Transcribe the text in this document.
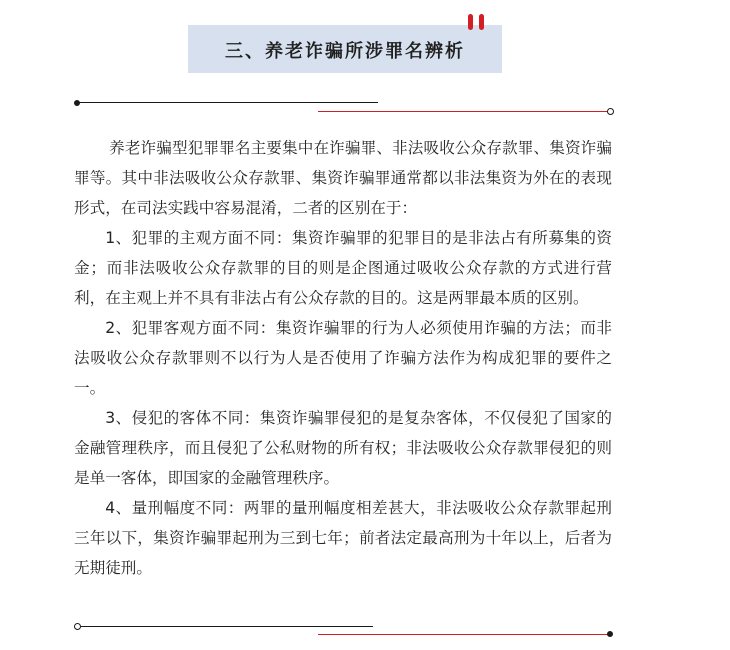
三、养老诈骗所涉罪名辨析

养老诈骗型犯罪罪名主要集中在诈骗罪、非法吸收公众存款罪、集资诈骗罪等。其中非法吸收公众存款罪、集资诈骗罪通常都以非法集资为外在的表现形式，在司法实践中容易混淆，二者的区别在于：

1、犯罪的主观方面不同：集资诈骗罪的犯罪目的是非法占有所募集的资金；而非法吸收公众存款罪的目的则是企图通过吸收公众存款的方式进行营利，在主观上并不具有非法占有公众存款的目的。这是两罪最本质的区别。

2、犯罪客观方面不同：集资诈骗罪的行为人必须使用诈骗的方法；而非法吸收公众存款罪则不以行为人是否使用了诈骗方法作为构成犯罪的要件之一。

3、侵犯的客体不同：集资诈骗罪侵犯的是复杂客体，不仅侵犯了国家的金融管理秩序，而且侵犯了公私财物的所有权；非法吸收公众存款罪侵犯的则是单一客体，即国家的金融管理秩序。

4、量刑幅度不同：两罪的量刑幅度相差甚大，非法吸收公众存款罪起刑三年以下，集资诈骗罪起刑为三到七年；前者法定最高刑为十年以上，后者为无期徒刑。
